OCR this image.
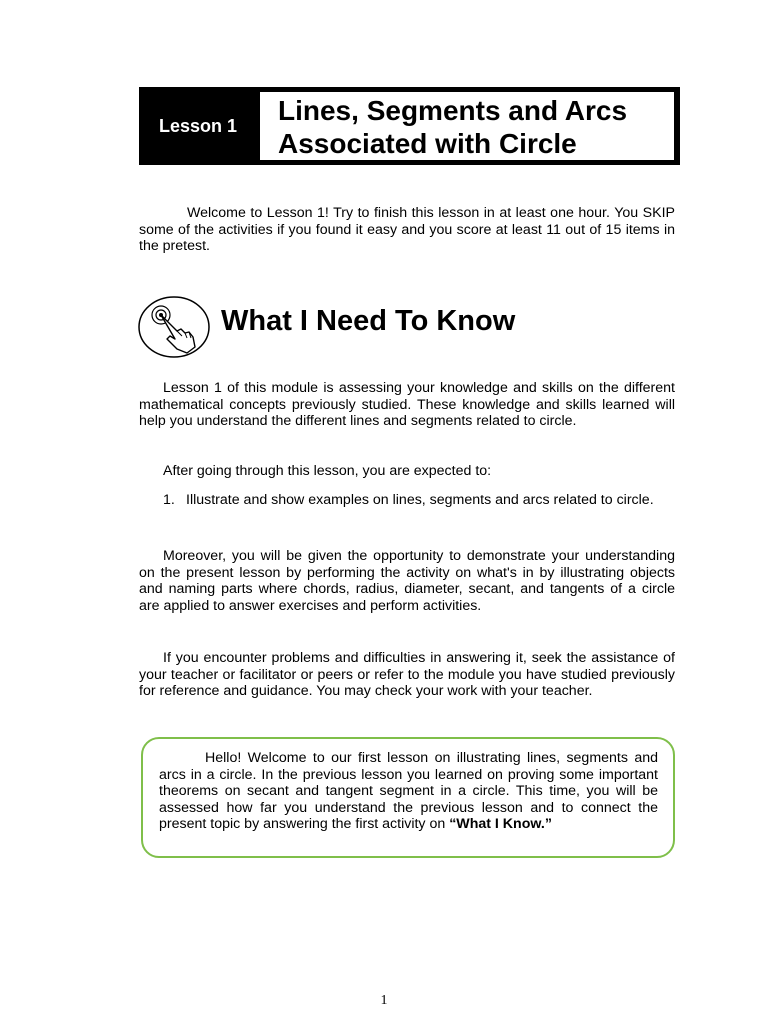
Lesson 1	Lines, Segments and Arcs
Associated with Circle
Welcome to Lesson 1! Try to finish this lesson in at least one hour. You SKIP some of the activities if you found it easy and you score at least 11 out of 15 items in the pretest.
What I Need To Know
Lesson 1 of this module is assessing your knowledge and skills on the different mathematical concepts previously studied. These knowledge and skills learned will help you understand the different lines and segments related to circle.
After going through this lesson, you are expected to:
1. Illustrate and show examples on lines, segments and arcs related to circle.
Moreover, you will be given the opportunity to demonstrate your understanding on the present lesson by performing the activity on what's in by illustrating objects and naming parts where chords, radius, diameter, secant, and tangents of a circle are applied to answer exercises and perform activities.
If you encounter problems and difficulties in answering it, seek the assistance of your teacher or facilitator or peers or refer to the module you have studied previously for reference and guidance. You may check your work with your teacher.
Hello! Welcome to our first lesson on illustrating lines, segments and arcs in a circle. In the previous lesson you learned on proving some important theorems on secant and tangent segment in a circle. This time, you will be assessed how far you understand the previous lesson and to connect the present topic by answering the first activity on “What I Know.”
1
